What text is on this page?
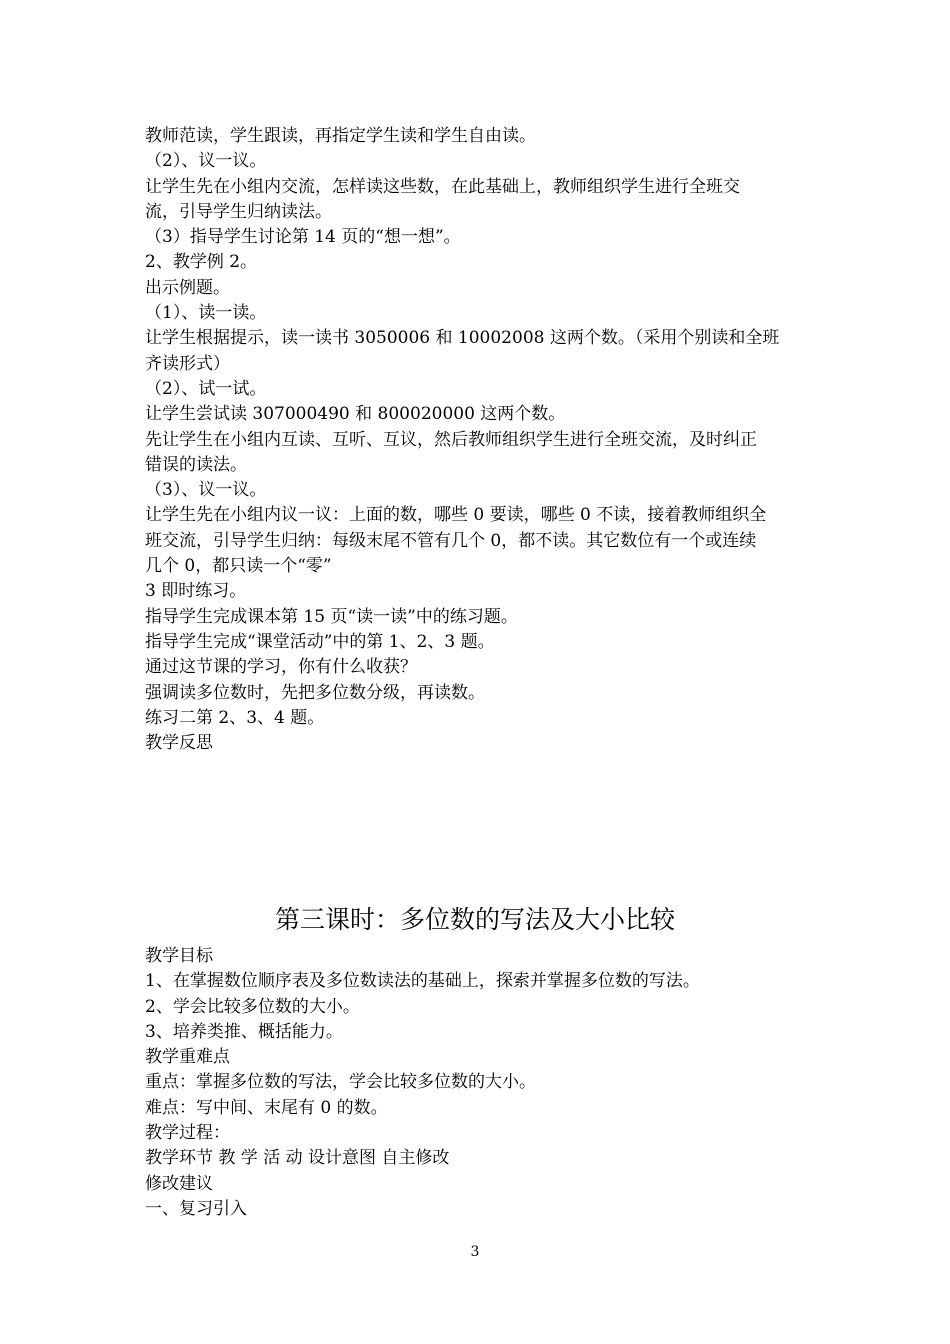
教师范读，学生跟读，再指定学生读和学生自由读。
（2）、议一议。
让学生先在小组内交流，怎样读这些数，在此基础上，教师组织学生进行全班交
流，引导学生归纳读法。
（3）指导学生讨论第 14 页的“想一想”。
2、教学例 2。
出示例题。
（1）、读一读。
让学生根据提示，读一读书 3050006 和 10002008 这两个数。（采用个别读和全班
齐读形式）
（2）、试一试。
让学生尝试读 307000490 和 800020000 这两个数。
先让学生在小组内互读、互听、互议，然后教师组织学生进行全班交流，及时纠正
错误的读法。
（3）、议一议。
让学生先在小组内议一议：上面的数，哪些 0 要读，哪些 0 不读，接着教师组织全
班交流，引导学生归纳：每级末尾不管有几个 0，都不读。其它数位有一个或连续
几个 0，都只读一个“零”
3 即时练习。
指导学生完成课本第 15 页“读一读”中的练习题。
指导学生完成“课堂活动”中的第 1、2、3 题。
通过这节课的学习，你有什么收获？
强调读多位数时，先把多位数分级，再读数。
练习二第 2、3、4 题。
教学反思
第三课时：多位数的写法及大小比较
教学目标
1、在掌握数位顺序表及多位数读法的基础上，探索并掌握多位数的写法。
2、学会比较多位数的大小。
3、培养类推、概括能力。
教学重难点
重点：掌握多位数的写法，学会比较多位数的大小。
难点：写中间、末尾有 0 的数。
教学过程：
教学环节 教 学 活 动 设计意图 自主修改
修改建议
一、复习引入
3
